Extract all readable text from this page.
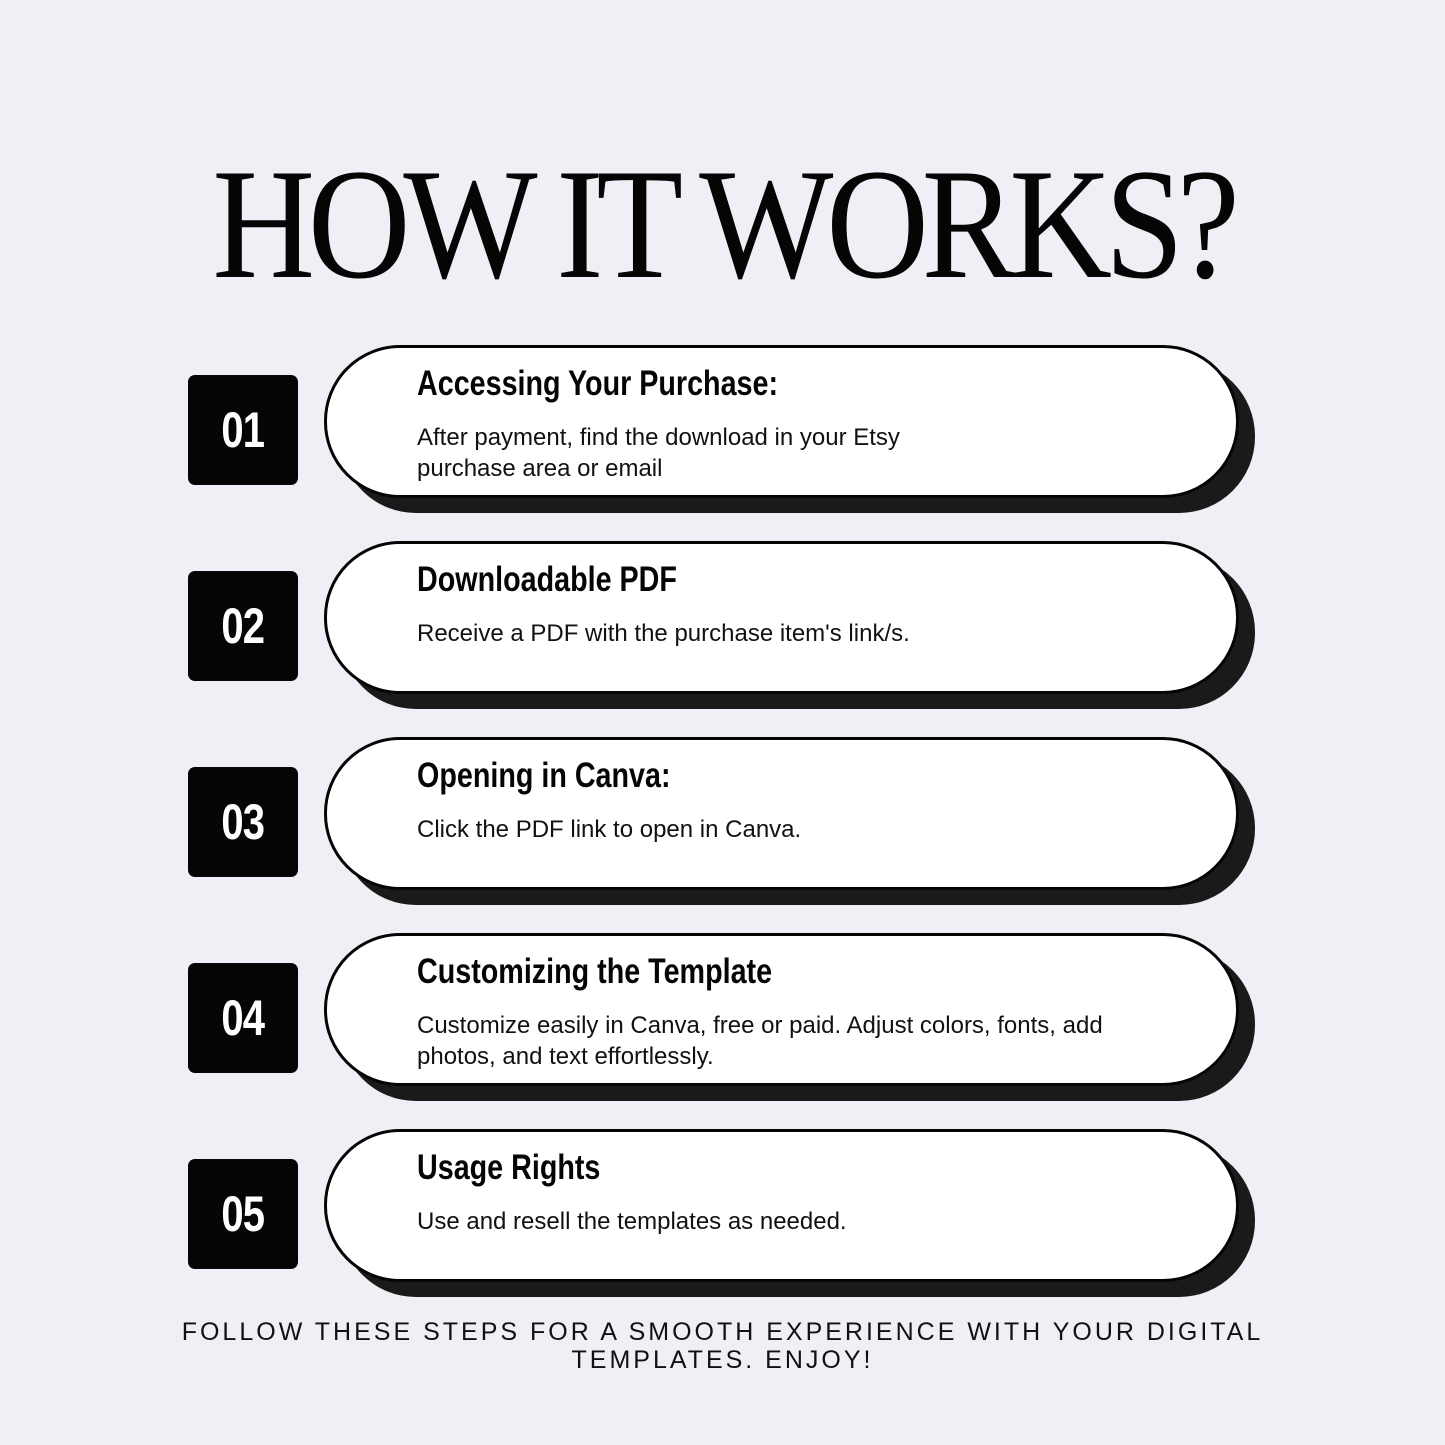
HOW IT WORKS?
01
Accessing Your Purchase:
After payment, find the download in your Etsy purchase area or email
02
Downloadable PDF
Receive a PDF with the purchase item's link/s.
03
Opening in Canva:
Click the PDF link to open in Canva.
04
Customizing the Template
Customize easily in Canva, free or paid. Adjust colors, fonts, add photos, and text effortlessly.
05
Usage Rights
Use and resell the templates as needed.
FOLLOW THESE STEPS FOR A SMOOTH EXPERIENCE WITH YOUR DIGITAL TEMPLATES. ENJOY!
